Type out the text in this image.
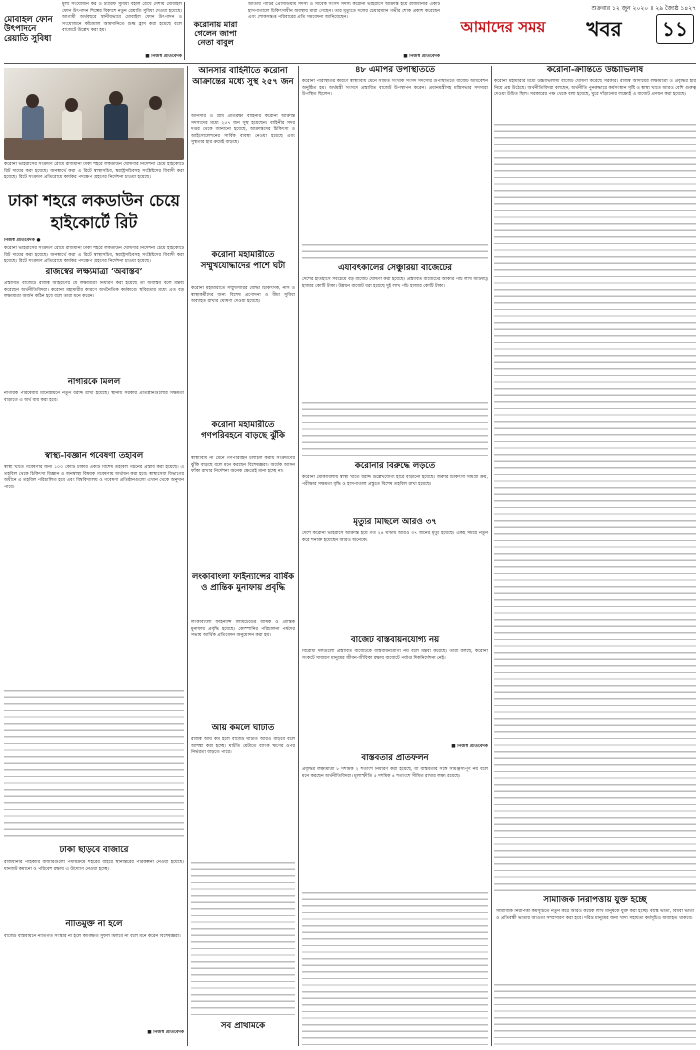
শুক্রবার ১২ জুন ২০২০ ॥ ২৯ জ্যৈষ্ঠ ১৪২৭
আমাদের সময়	খবর	১১
মোবাইল ফোন উৎপাদনে রেয়াতি সুবিধা
মূল্য সংযোজন কর ও ট্যারিফ সুবিধা বহাল রেখে দেশীয় মোবাইল ফোন উৎপাদন শিল্পের বিকাশে নতুন রেয়াতি সুবিধা দেওয়া হয়েছে। আগামী অর্থবছরে স্থানীয়ভাবে মোবাইল ফোন উৎপাদন ও সংযোজনে কাঁচামাল আমদানিতে শুল্ক হ্রাস করা হয়েছে বলে বাজেটে উল্লেখ করা হয়।
■ নিজস্ব প্রতিবেদক
করোনায় মারা গেলেন জাপা নেতা বাবুল
জাতীয় পার্টির প্রেসিডিয়াম সদস্য ও সাবেক সংসদ সদস্য করোনা ভাইরাসে আক্রান্ত হয়ে রাজধানীর একটি হাসপাতালে চিকিৎসাধীন অবস্থায় মারা গেছেন। তার মৃত্যুতে দলের চেয়ারম্যান গভীর শোক প্রকাশ করেছেন এবং শোকসন্তপ্ত পরিবারের প্রতি সমবেদনা জানিয়েছেন।
■ নিজস্ব প্রতিবেদক
করোনা ভাইরাসের সংক্রমণ রোধে রাজধানী ঢাকা শহরে লকডাউন ঘোষণার নির্দেশনা চেয়ে হাইকোর্টে রিট দায়ের করা হয়েছে। জনস্বার্থে করা এ রিটে স্বাস্থ্যসচিব, স্বরাষ্ট্রসচিবসহ সংশ্লিষ্টদের বিবাদী করা হয়েছে। রিটে সংক্রমণ প্রতিরোধে কার্যকর পদক্ষেপ গ্রহণের নির্দেশনা চাওয়া হয়েছে।
ঢাকা শহরে লকডাউন চেয়ে হাইকোর্টে রিট
নিজস্ব প্রতিবেদক ●
করোনা ভাইরাসের সংক্রমণ রোধে রাজধানী ঢাকা শহরে লকডাউন ঘোষণার নির্দেশনা চেয়ে হাইকোর্টে রিট দায়ের করা হয়েছে। জনস্বার্থে করা এ রিটে স্বাস্থ্যসচিব, স্বরাষ্ট্রসচিবসহ সংশ্লিষ্টদের বিবাদী করা হয়েছে। রিটে সংক্রমণ প্রতিরোধে কার্যকর পদক্ষেপ গ্রহণের নির্দেশনা চাওয়া হয়েছে।
রাজস্বের লক্ষ্যমাত্রা ‘অবাস্তব’
প্রস্তাবিত বাজেটে রাজস্ব আহরণের যে লক্ষ্যমাত্রা নির্ধারণ করা হয়েছে তা অবাস্তব বলে মন্তব্য করেছেন অর্থনীতিবিদরা। করোনা মহামারীর কারণে অর্থনৈতিক কর্মকাণ্ডে স্থবিরতার মধ্যে এত বড় লক্ষ্যমাত্রা অর্জন কঠিন হবে বলে তারা মনে করেন।
নাগরিকে মিলল
নাগরিক পরিষেবার মানোন্নয়নে নতুন বরাদ্দ রাখা হয়েছে। স্থানীয় সরকার প্রতিষ্ঠানগুলোর সক্ষমতা বাড়াতে এ অর্থ ব্যয় করা হবে।
স্বাস্থ্য-বিজ্ঞান গবেষণা তহবিল
স্বাস্থ্য খাতে গবেষণার জন্য ১০০ কোটি টাকার একটি বিশেষ তহবিল গঠনের প্রস্তাব করা হয়েছে। এ তহবিল থেকে চিকিৎসা বিজ্ঞান ও জনস্বাস্থ্য বিষয়ক গবেষণায় অর্থায়ন করা হবে। স্বাস্থ্যসেবা বিভাগের অধীনে এ তহবিল পরিচালিত হবে এবং বিশ্ববিদ্যালয় ও গবেষণা প্রতিষ্ঠানগুলো এখান থেকে অনুদান পাবে।
ঢাকা ছাড়বে বাজারে
রাজধানীর পাইকারি বাজারগুলো পর্যায়ক্রমে শহরের বাইরে স্থানান্তরের পরিকল্পনা নেওয়া হয়েছে। যানজট কমানো ও পরিবেশ রক্ষায় এ উদ্যোগ নেওয়া হচ্ছে।
নীতিমুক্ত না হলে
বাজেট বাস্তবায়নে নীতিগত সংস্কার না হলে কাঙ্ক্ষিত সুফল মিলবে না বলে মনে করেন বিশেষজ্ঞরা।
■ নিজস্ব প্রতিবেদক
আনসার বাহিনীতে করোনা আক্রান্তের মধ্যে সুস্থ ২৫৭ জন
আনসার ও গ্রাম প্রতিরক্ষা বাহিনীর করোনা আক্রান্ত সদস্যদের মধ্যে ২৫৭ জন সুস্থ হয়েছেন। বাহিনীর সদর দপ্তর থেকে জানানো হয়েছে, আক্রান্তদের চিকিৎসা ও আইসোলেশনের সার্বিক ব্যবস্থা নেওয়া হয়েছে এবং সুস্থতার হার ক্রমেই বাড়ছে।
করোনা মহামারীতে সম্মুখযোদ্ধাদের পাশে ঘটা
করোনা মহামারীতে সম্মুখসারির যোদ্ধা চিকিৎসক, নার্স ও স্বাস্থ্যকর্মীদের জন্য বিশেষ প্রণোদনা ও বীমা সুবিধা অব্যাহত রাখার ঘোষণা দেওয়া হয়েছে।
করোনা মহামারীতে গণপরিবহনে বাড়ছে ঝুঁকি
স্বাস্থ্যবিধি না মেনে গণপরিবহন চলাচল করায় সংক্রমণের ঝুঁকি বাড়ছে বলে মনে করছেন বিশেষজ্ঞরা। অর্ধেক আসন ফাঁকা রাখার নির্দেশনা অনেক ক্ষেত্রেই মানা হচ্ছে না।
লংকাবাংলা ফাইন্যান্সের বার্ষিক ও প্রান্তিক মুনাফায় প্রবৃদ্ধি
লংকাবাংলা ফাইন্যান্স লিমিটেডের বার্ষিক ও প্রান্তিক মুনাফায় প্রবৃদ্ধি হয়েছে। কোম্পানির পরিচালনা পর্ষদের সভায় আর্থিক প্রতিবেদন অনুমোদন করা হয়।
আয় কমলে ঘাটতি
রাজস্ব আয় কম হলে বাজেট ঘাটতি আরও বাড়বে বলে আশঙ্কা করা হচ্ছে। ঘাটতি মেটাতে ব্যাংক ঋণের ওপর নির্ভরতা বাড়তে পারে।
সব প্রাথমিকে
৪৮ এমপির উপস্থিতিতে
করোনা পরিস্থিতির কারণে স্বাস্থ্যবিধি মেনে সীমিত সংখ্যক সংসদ সদস্যের উপস্থিতিতে বাজেট অধিবেশন অনুষ্ঠিত হয়। অর্থমন্ত্রী সংসদে প্রস্তাবিত বাজেট উপস্থাপন করেন। প্রধানমন্ত্রীসহ মন্ত্রিসভার সদস্যরা উপস্থিত ছিলেন।
এযাবৎকালের সেঞ্চুরিয়া বাজেটের
দেশের ইতিহাসে সবচেয়ে বড় বাজেট ঘোষণা করা হয়েছে। প্রস্তাবিত বাজেটের আকার পাঁচ লাখ আটষট্টি হাজার কোটি টাকা। উন্নয়ন বাজেট ধরা হয়েছে দুই লাখ পাঁচ হাজার কোটি টাকা।
করোনার বিরুদ্ধে লড়তে
করোনা মোকাবিলায় স্বাস্থ্য খাতে বরাদ্দ উল্লেখযোগ্য হারে বাড়ানো হয়েছে। জরুরি চিকিৎসা সামগ্রী ক্রয়, পরীক্ষার সক্ষমতা বৃদ্ধি ও হাসপাতাল প্রস্তুতে বিশেষ তহবিল রাখা হয়েছে।
মৃত্যুর মিছিলে আরও ৩৭
দেশে করোনা ভাইরাসে আক্রান্ত হয়ে গত ২৪ ঘণ্টায় আরও ৩৭ জনের মৃত্যু হয়েছে। একই সময়ে নতুন করে শনাক্ত হয়েছেন আরও অনেকে।
বাজেট বাস্তবায়নযোগ্য নয়
বিরোধী দলগুলো প্রস্তাবিত বাজেটকে বাস্তবায়নযোগ্য নয় বলে মন্তব্য করেছে। তারা বলছে, করোনা সংকটে সাধারণ মানুষের জীবন-জীবিকা রক্ষায় বাজেটে পর্যাপ্ত দিকনির্দেশনা নেই।
■ নিজস্ব প্রতিবেদক
বাস্তবতার প্রতিফলন
প্রবৃদ্ধির লক্ষ্যমাত্রা ৮ দশমিক ২ শতাংশ নির্ধারণ করা হয়েছে, যা বাস্তবতার সঙ্গে সামঞ্জস্যপূর্ণ নয় বলে মনে করছেন অর্থনীতিবিদরা। মূল্যস্ফীতি ৫ দশমিক ৪ শতাংশে সীমিত রাখার লক্ষ্য রয়েছে।
করোনা-ক্রান্তিতে উচ্চাভিলাষ
করোনা মহামারীর মধ্যে উচ্চাভিলাষী বাজেট ঘোষণা করেছে সরকার। রাজস্ব আদায়ের লক্ষ্যমাত্রা ও প্রবৃদ্ধির হার নিয়ে প্রশ্ন উঠেছে। অর্থনীতিবিদরা বলছেন, অর্থনীতি পুনরুদ্ধারে কর্মসংস্থান সৃষ্টি ও স্বাস্থ্য খাতে আরও বেশি গুরুত্ব দেওয়া উচিত ছিল। সরকারের পক্ষ থেকে বলা হয়েছে, ঘুরে দাঁড়ানোর লক্ষ্যেই এ বাজেট প্রণয়ন করা হয়েছে।
সামাজিক নিরাপত্তায় যুক্ত হচ্ছে
সামাজিক নিরাপত্তা কর্মসূচিতে নতুন করে আরও কয়েক লাখ মানুষকে যুক্ত করা হচ্ছে। বয়স্ক ভাতা, বিধবা ভাতা ও প্রতিবন্ধী ভাতার আওতা সম্প্রসারণ করা হবে। দরিদ্র মানুষের জন্য খাদ্য সহায়তা কর্মসূচিও অব্যাহত থাকবে।
